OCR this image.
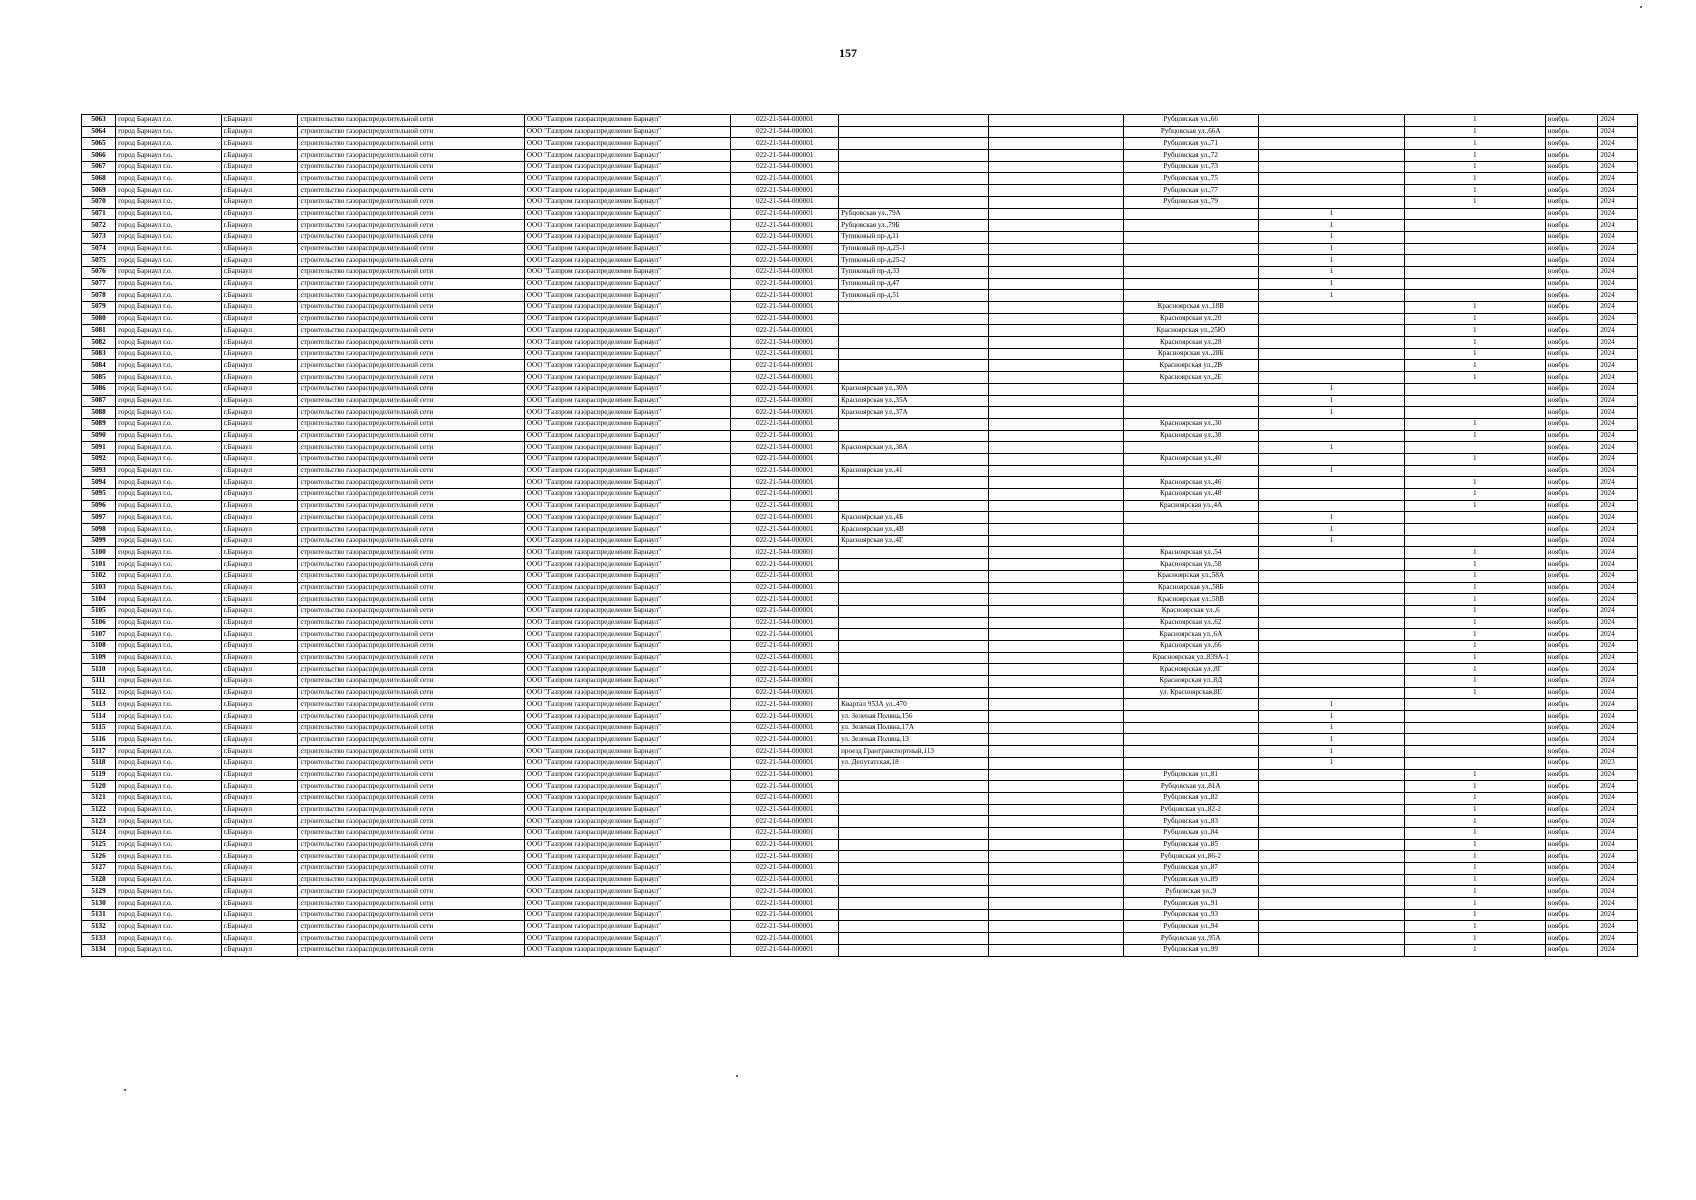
157
5063	город Барнаул г.о.	г.Барнаул	строительство газораспределительной сети	ООО "Газпром газораспределение Барнаул"	022-21-544-000001			Рубцовская ул.,66		1	ноябрь	2024
5064	город Барнаул г.о.	г.Барнаул	строительство газораспределительной сети	ООО "Газпром газораспределение Барнаул"	022-21-544-000001			Рубцовская ул.,66А		1	ноябрь	2024
5065	город Барнаул г.о.	г.Барнаул	строительство газораспределительной сети	ООО "Газпром газораспределение Барнаул"	022-21-544-000001			Рубцовская ул.,71		1	ноябрь	2024
5066	город Барнаул г.о.	г.Барнаул	строительство газораспределительной сети	ООО "Газпром газораспределение Барнаул"	022-21-544-000001			Рубцовская ул.,72		1	ноябрь	2024
5067	город Барнаул г.о.	г.Барнаул	строительство газораспределительной сети	ООО "Газпром газораспределение Барнаул"	022-21-544-000001			Рубцовская ул.,73		1	ноябрь	2024
5068	город Барнаул г.о.	г.Барнаул	строительство газораспределительной сети	ООО "Газпром газораспределение Барнаул"	022-21-544-000001			Рубцовская ул.,75		1	ноябрь	2024
5069	город Барнаул г.о.	г.Барнаул	строительство газораспределительной сети	ООО "Газпром газораспределение Барнаул"	022-21-544-000001			Рубцовская ул.,77		1	ноябрь	2024
5070	город Барнаул г.о.	г.Барнаул	строительство газораспределительной сети	ООО "Газпром газораспределение Барнаул"	022-21-544-000001			Рубцовская ул.,79		1	ноябрь	2024
5071	город Барнаул г.о.	г.Барнаул	строительство газораспределительной сети	ООО "Газпром газораспределение Барнаул"	022-21-544-000001	Рубцовская ул.,79А			1		ноябрь	2024
5072	город Барнаул г.о.	г.Барнаул	строительство газораспределительной сети	ООО "Газпром газораспределение Барнаул"	022-21-544-000001	Рубцовская ул.,79Б			1		ноябрь	2024
5073	город Барнаул г.о.	г.Барнаул	строительство газораспределительной сети	ООО "Газпром газораспределение Барнаул"	022-21-544-000001	Тупиковый пр-д,11			1		ноябрь	2024
5074	город Барнаул г.о.	г.Барнаул	строительство газораспределительной сети	ООО "Газпром газораспределение Барнаул"	022-21-544-000001	Тупиковый пр-д,25-1			1		ноябрь	2024
5075	город Барнаул г.о.	г.Барнаул	строительство газораспределительной сети	ООО "Газпром газораспределение Барнаул"	022-21-544-000001	Тупиковый пр-д,25-2			1		ноябрь	2024
5076	город Барнаул г.о.	г.Барнаул	строительство газораспределительной сети	ООО "Газпром газораспределение Барнаул"	022-21-544-000001	Тупиковый пр-д,33			1		ноябрь	2024
5077	город Барнаул г.о.	г.Барнаул	строительство газораспределительной сети	ООО "Газпром газораспределение Барнаул"	022-21-544-000001	Тупиковый пр-д,47			1		ноябрь	2024
5078	город Барнаул г.о.	г.Барнаул	строительство газораспределительной сети	ООО "Газпром газораспределение Барнаул"	022-21-544-000001	Тупиковый пр-д,51			1		ноябрь	2024
5079	город Барнаул г.о.	г.Барнаул	строительство газораспределительной сети	ООО "Газпром газораспределение Барнаул"	022-21-544-000001			Красноярская ул.,18В		1	ноябрь	2024
5080	город Барнаул г.о.	г.Барнаул	строительство газораспределительной сети	ООО "Газпром газораспределение Барнаул"	022-21-544-000001			Красноярская ул.,20		1	ноябрь	2024
5081	город Барнаул г.о.	г.Барнаул	строительство газораспределительной сети	ООО "Газпром газораспределение Барнаул"	022-21-544-000001			Красноярская ул.,25Ю		1	ноябрь	2024
5082	город Барнаул г.о.	г.Барнаул	строительство газораспределительной сети	ООО "Газпром газораспределение Барнаул"	022-21-544-000001			Красноярская ул.,28		1	ноябрь	2024
5083	город Барнаул г.о.	г.Барнаул	строительство газораспределительной сети	ООО "Газпром газораспределение Барнаул"	022-21-544-000001			Красноярская ул.,28Б		1	ноябрь	2024
5084	город Барнаул г.о.	г.Барнаул	строительство газораспределительной сети	ООО "Газпром газораспределение Барнаул"	022-21-544-000001			Красноярская ул.,2В		1	ноябрь	2024
5085	город Барнаул г.о.	г.Барнаул	строительство газораспределительной сети	ООО "Газпром газораспределение Барнаул"	022-21-544-000001			Красноярская ул.,2Е		1	ноябрь	2024
5086	город Барнаул г.о.	г.Барнаул	строительство газораспределительной сети	ООО "Газпром газораспределение Барнаул"	022-21-544-000001	Красноярская ул.,30А			1		ноябрь	2024
5087	город Барнаул г.о.	г.Барнаул	строительство газораспределительной сети	ООО "Газпром газораспределение Барнаул"	022-21-544-000001	Красноярская ул.,35А			1		ноябрь	2024
5088	город Барнаул г.о.	г.Барнаул	строительство газораспределительной сети	ООО "Газпром газораспределение Барнаул"	022-21-544-000001	Красноярская ул.,37А			1		ноябрь	2024
5089	город Барнаул г.о.	г.Барнаул	строительство газораспределительной сети	ООО "Газпром газораспределение Барнаул"	022-21-544-000001			Красноярская ул.,30		1	ноябрь	2024
5090	город Барнаул г.о.	г.Барнаул	строительство газораспределительной сети	ООО "Газпром газораспределение Барнаул"	022-21-544-000001			Красноярская ул.,38		1	ноябрь	2024
5091	город Барнаул г.о.	г.Барнаул	строительство газораспределительной сети	ООО "Газпром газораспределение Барнаул"	022-21-544-000001	Красноярская ул.,38А			1		ноябрь	2024
5092	город Барнаул г.о.	г.Барнаул	строительство газораспределительной сети	ООО "Газпром газораспределение Барнаул"	022-21-544-000001			Красноярская ул.,40		1	ноябрь	2024
5093	город Барнаул г.о.	г.Барнаул	строительство газораспределительной сети	ООО "Газпром газораспределение Барнаул"	022-21-544-000001	Красноярская ул.,41			1		ноябрь	2024
5094	город Барнаул г.о.	г.Барнаул	строительство газораспределительной сети	ООО "Газпром газораспределение Барнаул"	022-21-544-000001			Красноярская ул.,46		1	ноябрь	2024
5095	город Барнаул г.о.	г.Барнаул	строительство газораспределительной сети	ООО "Газпром газораспределение Барнаул"	022-21-544-000001			Красноярская ул.,48		1	ноябрь	2024
5096	город Барнаул г.о.	г.Барнаул	строительство газораспределительной сети	ООО "Газпром газораспределение Барнаул"	022-21-544-000001			Красноярская ул.,4А		1	ноябрь	2024
5097	город Барнаул г.о.	г.Барнаул	строительство газораспределительной сети	ООО "Газпром газораспределение Барнаул"	022-21-544-000001	Красноярская ул.,4Б			1		ноябрь	2024
5098	город Барнаул г.о.	г.Барнаул	строительство газораспределительной сети	ООО "Газпром газораспределение Барнаул"	022-21-544-000001	Красноярская ул.,4В			1		ноябрь	2024
5099	город Барнаул г.о.	г.Барнаул	строительство газораспределительной сети	ООО "Газпром газораспределение Барнаул"	022-21-544-000001	Красноярская ул.,4Г			1		ноябрь	2024
5100	город Барнаул г.о.	г.Барнаул	строительство газораспределительной сети	ООО "Газпром газораспределение Барнаул"	022-21-544-000001			Красноярская ул.,54		1	ноябрь	2024
5101	город Барнаул г.о.	г.Барнаул	строительство газораспределительной сети	ООО "Газпром газораспределение Барнаул"	022-21-544-000001			Красноярская ул.,58		1	ноябрь	2024
5102	город Барнаул г.о.	г.Барнаул	строительство газораспределительной сети	ООО "Газпром газораспределение Барнаул"	022-21-544-000001			Красноярская ул.,58А		1	ноябрь	2024
5103	город Барнаул г.о.	г.Барнаул	строительство газораспределительной сети	ООО "Газпром газораспределение Барнаул"	022-21-544-000001			Красноярская ул.,58Б		1	ноябрь	2024
5104	город Барнаул г.о.	г.Барнаул	строительство газораспределительной сети	ООО "Газпром газораспределение Барнаул"	022-21-544-000001			Красноярская ул.,58В		1	ноябрь	2024
5105	город Барнаул г.о.	г.Барнаул	строительство газораспределительной сети	ООО "Газпром газораспределение Барнаул"	022-21-544-000001			Красноярская ул.,6		1	ноябрь	2024
5106	город Барнаул г.о.	г.Барнаул	строительство газораспределительной сети	ООО "Газпром газораспределение Барнаул"	022-21-544-000001			Красноярская ул.,62		1	ноябрь	2024
5107	город Барнаул г.о.	г.Барнаул	строительство газораспределительной сети	ООО "Газпром газораспределение Барнаул"	022-21-544-000001			Красноярская ул.,6А		1	ноябрь	2024
5108	город Барнаул г.о.	г.Барнаул	строительство газораспределительной сети	ООО "Газпром газораспределение Барнаул"	022-21-544-000001			Красноярская ул.,66		1	ноябрь	2024
5109	город Барнаул г.о.	г.Барнаул	строительство газораспределительной сети	ООО "Газпром газораспределение Барнаул"	022-21-544-000001			Красноярская ул.,839А-1		1	ноябрь	2024
5110	город Барнаул г.о.	г.Барнаул	строительство газораспределительной сети	ООО "Газпром газораспределение Барнаул"	022-21-544-000001			Красноярская ул.,8Г		1	ноябрь	2024
5111	город Барнаул г.о.	г.Барнаул	строительство газораспределительной сети	ООО "Газпром газораспределение Барнаул"	022-21-544-000001			Красноярская ул.,8Д		1	ноябрь	2024
5112	город Барнаул г.о.	г.Барнаул	строительство газораспределительной сети	ООО "Газпром газораспределение Барнаул"	022-21-544-000001			ул. Красноярская,8Е		1	ноябрь	2024
5113	город Барнаул г.о.	г.Барнаул	строительство газораспределительной сети	ООО "Газпром газораспределение Барнаул"	022-21-544-000001	Квартал 953А ул.,470			1		ноябрь	2024
5114	город Барнаул г.о.	г.Барнаул	строительство газораспределительной сети	ООО "Газпром газораспределение Барнаул"	022-21-544-000001	ул. Зеленая Поляна,156			1		ноябрь	2024
5115	город Барнаул г.о.	г.Барнаул	строительство газораспределительной сети	ООО "Газпром газораспределение Барнаул"	022-21-544-000001	ул. Зеленая Поляна,17А			1		ноябрь	2024
5116	город Барнаул г.о.	г.Барнаул	строительство газораспределительной сети	ООО "Газпром газораспределение Барнаул"	022-21-544-000001	ул. Зеленая Поляна,13			1		ноябрь	2024
5117	город Барнаул г.о.	г.Барнаул	строительство газораспределительной сети	ООО "Газпром газораспределение Барнаул"	022-21-544-000001	проезд Грантранспортный,113			1		ноябрь	2024
5118	город Барнаул г.о.	г.Барнаул	строительство газораспределительной сети	ООО "Газпром газораспределение Барнаул"	022-21-544-000001	ул. Депутатская,18			1		ноябрь	2023
5119	город Барнаул г.о.	г.Барнаул	строительство газораспределительной сети	ООО "Газпром газораспределение Барнаул"	022-21-544-000001			Рубцовская ул.,81		1	ноябрь	2024
5120	город Барнаул г.о.	г.Барнаул	строительство газораспределительной сети	ООО "Газпром газораспределение Барнаул"	022-21-544-000001			Рубцовская ул.,81А		1	ноябрь	2024
5121	город Барнаул г.о.	г.Барнаул	строительство газораспределительной сети	ООО "Газпром газораспределение Барнаул"	022-21-544-000001			Рубцовская ул.,82		1	ноябрь	2024
5122	город Барнаул г.о.	г.Барнаул	строительство газораспределительной сети	ООО "Газпром газораспределение Барнаул"	022-21-544-000001			Рубцовская ул.,82-2		1	ноябрь	2024
5123	город Барнаул г.о.	г.Барнаул	строительство газораспределительной сети	ООО "Газпром газораспределение Барнаул"	022-21-544-000001			Рубцовская ул.,83		1	ноябрь	2024
5124	город Барнаул г.о.	г.Барнаул	строительство газораспределительной сети	ООО "Газпром газораспределение Барнаул"	022-21-544-000001			Рубцовская ул.,84		1	ноябрь	2024
5125	город Барнаул г.о.	г.Барнаул	строительство газораспределительной сети	ООО "Газпром газораспределение Барнаул"	022-21-544-000001			Рубцовская ул.,85		1	ноябрь	2024
5126	город Барнаул г.о.	г.Барнаул	строительство газораспределительной сети	ООО "Газпром газораспределение Барнаул"	022-21-544-000001			Рубцовская ул.,86-2		1	ноябрь	2024
5127	город Барнаул г.о.	г.Барнаул	строительство газораспределительной сети	ООО "Газпром газораспределение Барнаул"	022-21-544-000001			Рубцовская ул.,87		1	ноябрь	2024
5128	город Барнаул г.о.	г.Барнаул	строительство газораспределительной сети	ООО "Газпром газораспределение Барнаул"	022-21-544-000001			Рубцовская ул.,89		1	ноябрь	2024
5129	город Барнаул г.о.	г.Барнаул	строительство газораспределительной сети	ООО "Газпром газораспределение Барнаул"	022-21-544-000001			Рубцовская ул.,9		1	ноябрь	2024
5130	город Барнаул г.о.	г.Барнаул	строительство газораспределительной сети	ООО "Газпром газораспределение Барнаул"	022-21-544-000001			Рубцовская ул.,91		1	ноябрь	2024
5131	город Барнаул г.о.	г.Барнаул	строительство газораспределительной сети	ООО "Газпром газораспределение Барнаул"	022-21-544-000001			Рубцовская ул.,93		1	ноябрь	2024
5132	город Барнаул г.о.	г.Барнаул	строительство газораспределительной сети	ООО "Газпром газораспределение Барнаул"	022-21-544-000001			Рубцовская ул.,94		1	ноябрь	2024
5133	город Барнаул г.о.	г.Барнаул	строительство газораспределительной сети	ООО "Газпром газораспределение Барнаул"	022-21-544-000001			Рубцовская ул.,95А		1	ноябрь	2024
5134	город Барнаул г.о.	г.Барнаул	строительство газораспределительной сети	ООО "Газпром газораспределение Барнаул"	022-21-544-000001			Рубцовская ул.,99		1	ноябрь	2024
